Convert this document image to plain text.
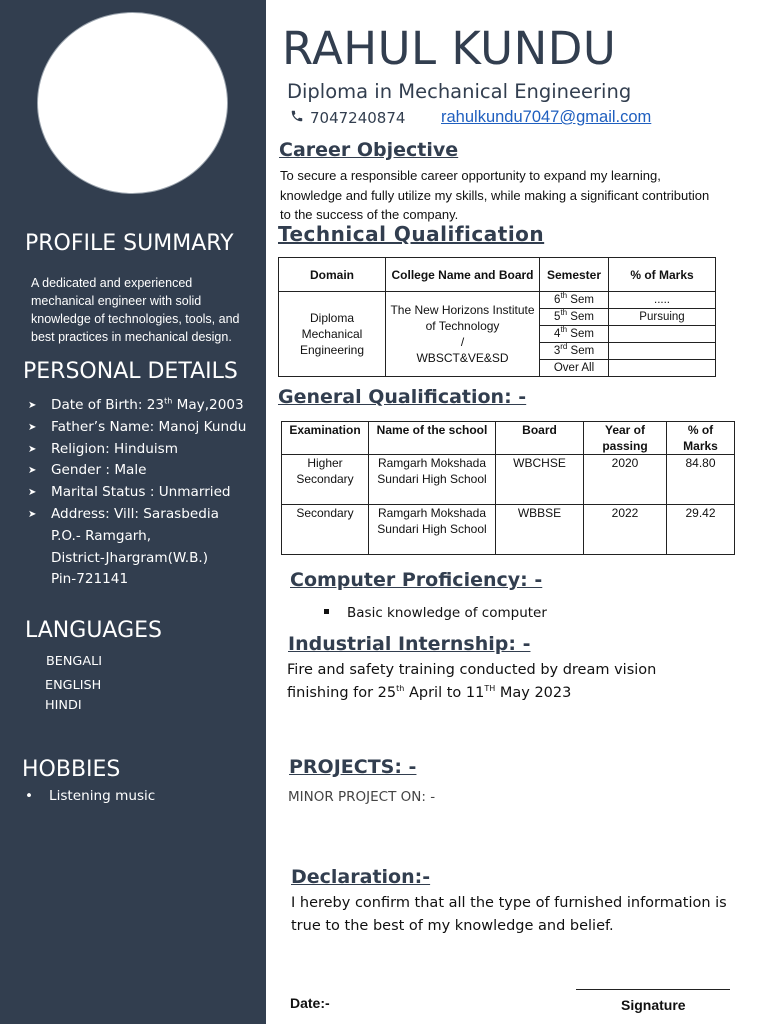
PROFILE SUMMARY
A dedicated and experienced mechanical engineer with solid knowledge of technologies, tools, and best practices in mechanical design.
PERSONAL DETAILS
➤ Date of Birth: 23th May,2003
➤ Father’s Name: Manoj Kundu
➤ Religion: Hinduism
➤ Gender : Male
➤ Marital Status : Unmarried
➤ Address: Vill: Sarasbedia
P.O.- Ramgarh,
District-Jhargram(W.B.)
Pin-721141
LANGUAGES
BENGALI
ENGLISH
HINDI
HOBBIES
• Listening music
RAHUL KUNDU
Diploma in Mechanical Engineering
7047240874 rahulkundu7047@gmail.com
Career Objective
To secure a responsible career opportunity to expand my learning, knowledge and fully utilize my skills, while making a significant contribution to the success of the company.
Technical Qualification
Domain	College Name and Board	Semester	% of Marks
Diploma Mechanical Engineering	The New Horizons Institute of Technology
/
WBSCT&VE&SD	6th Sem	.....
		5th Sem	Pursuing
		4th Sem	
		3rd Sem	
		Over All	
General Qualification: -
Examination	Name of the school	Board	Year of passing	% of Marks
Higher Secondary	Ramgarh Mokshada Sundari High School	WBCHSE	2020	84.80
Secondary	Ramgarh Mokshada Sundari High School	WBBSE	2022	29.42
Computer Proficiency: -
Basic knowledge of computer
Industrial Internship: -
Fire and safety training conducted by dream vision
finishing for 25th April to 11TH May 2023
PROJECTS: -
MINOR PROJECT ON: -
Declaration:-
I hereby confirm that all the type of furnished information is true to the best of my knowledge and belief.
Date:-	Signature
